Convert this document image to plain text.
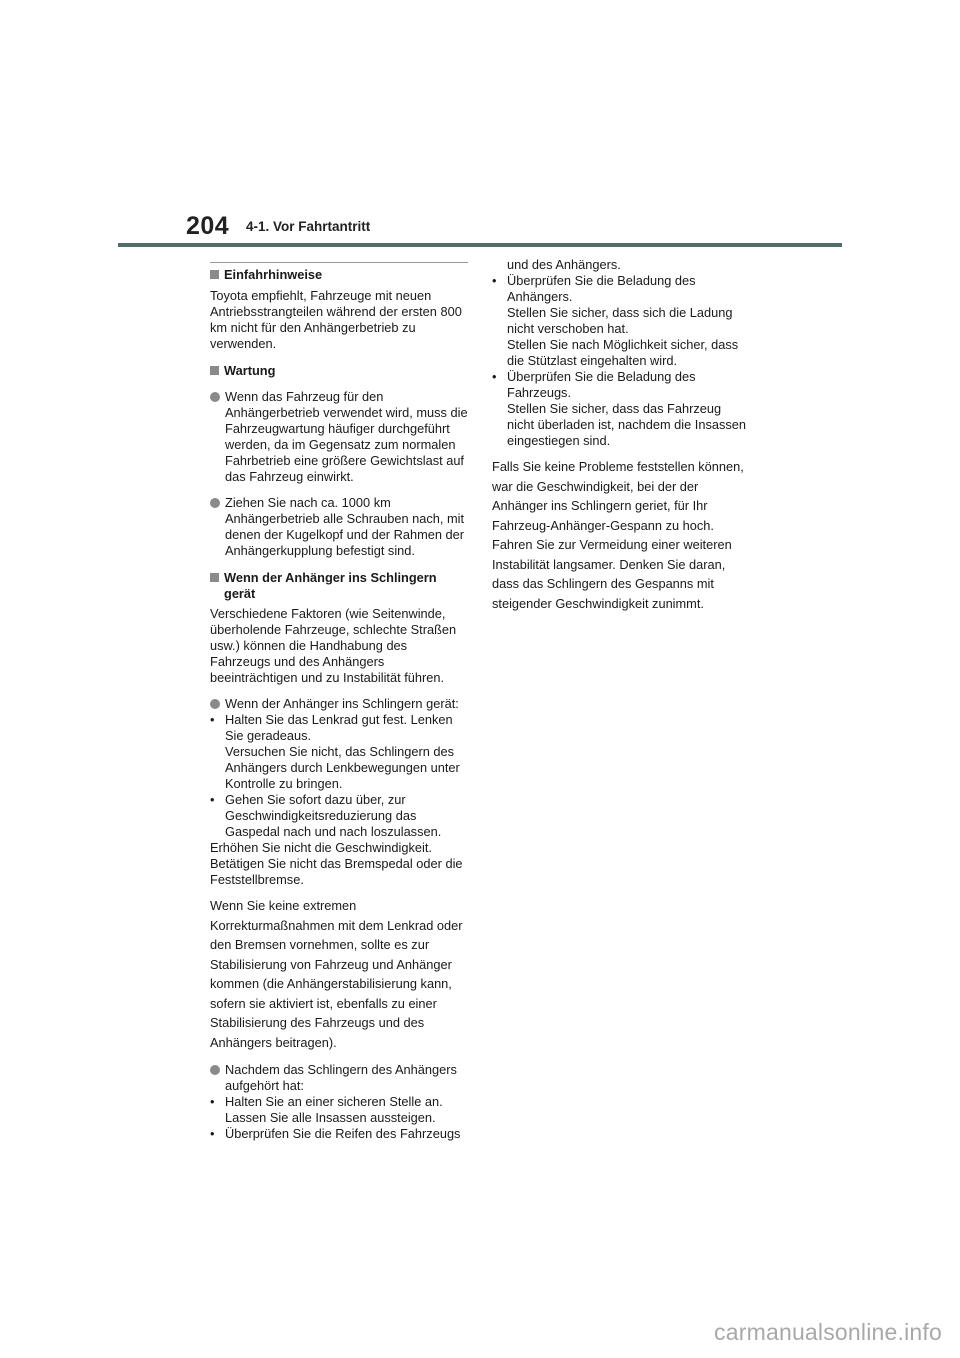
204 4-1. Vor Fahrtantritt
Einfahrhinweise

Toyota empfiehlt, Fahrzeuge mit neuen Antriebsstrangteilen während der ersten 800 km nicht für den Anhängerbetrieb zu verwenden.

Wartung
Wenn das Fahrzeug für den Anhängerbetrieb verwendet wird, muss die Fahrzeugwartung häufiger durchgeführt werden, da im Gegensatz zum normalen Fahrbetrieb eine größere Gewichtslast auf das Fahrzeug einwirkt.
Ziehen Sie nach ca. 1000 km Anhängerbetrieb alle Schrauben nach, mit denen der Kugelkopf und der Rahmen der Anhängerkupplung befestigt sind.
Wenn der Anhänger ins Schlingern gerät

Verschiedene Faktoren (wie Seitenwinde, überholende Fahrzeuge, schlechte Straßen usw.) können die Handhabung des Fahrzeugs und des Anhängers beeinträchtigen und zu Instabilität führen.

Wenn der Anhänger ins Schlingern gerät:
• Halten Sie das Lenkrad gut fest. Lenken Sie geradeaus.
Versuchen Sie nicht, das Schlingern des Anhängers durch Lenkbewegungen unter Kontrolle zu bringen.
• Gehen Sie sofort dazu über, zur Geschwindigkeitsreduzierung das Gaspedal nach und nach loszulassen.

Erhöhen Sie nicht die Geschwindigkeit. Betätigen Sie nicht das Bremspedal oder die Feststellbremse.

Wenn Sie keine extremen Korrekturmaßnahmen mit dem Lenkrad oder den Bremsen vornehmen, sollte es zur Stabilisierung von Fahrzeug und Anhänger kommen (die Anhängerstabilisierung kann, sofern sie aktiviert ist, ebenfalls zu einer Stabilisierung des Fahrzeugs und des Anhängers beitragen).

Nachdem das Schlingern des Anhängers aufgehört hat:
• Halten Sie an einer sicheren Stelle an. Lassen Sie alle Insassen aussteigen.
• Überprüfen Sie die Reifen des Fahrzeugs
und des Anhängers.
• Überprüfen Sie die Beladung des Anhängers.
Stellen Sie sicher, dass sich die Ladung nicht verschoben hat.
Stellen Sie nach Möglichkeit sicher, dass die Stützlast eingehalten wird.
• Überprüfen Sie die Beladung des Fahrzeugs.
Stellen Sie sicher, dass das Fahrzeug nicht überladen ist, nachdem die Insassen eingestiegen sind.

Falls Sie keine Probleme feststellen können, war die Geschwindigkeit, bei der der Anhänger ins Schlingern geriet, für Ihr Fahrzeug-Anhänger-Gespann zu hoch. Fahren Sie zur Vermeidung einer weiteren Instabilität langsamer. Denken Sie daran, dass das Schlingern des Gespanns mit steigender Geschwindigkeit zunimmt.

carmanualsonline.info
